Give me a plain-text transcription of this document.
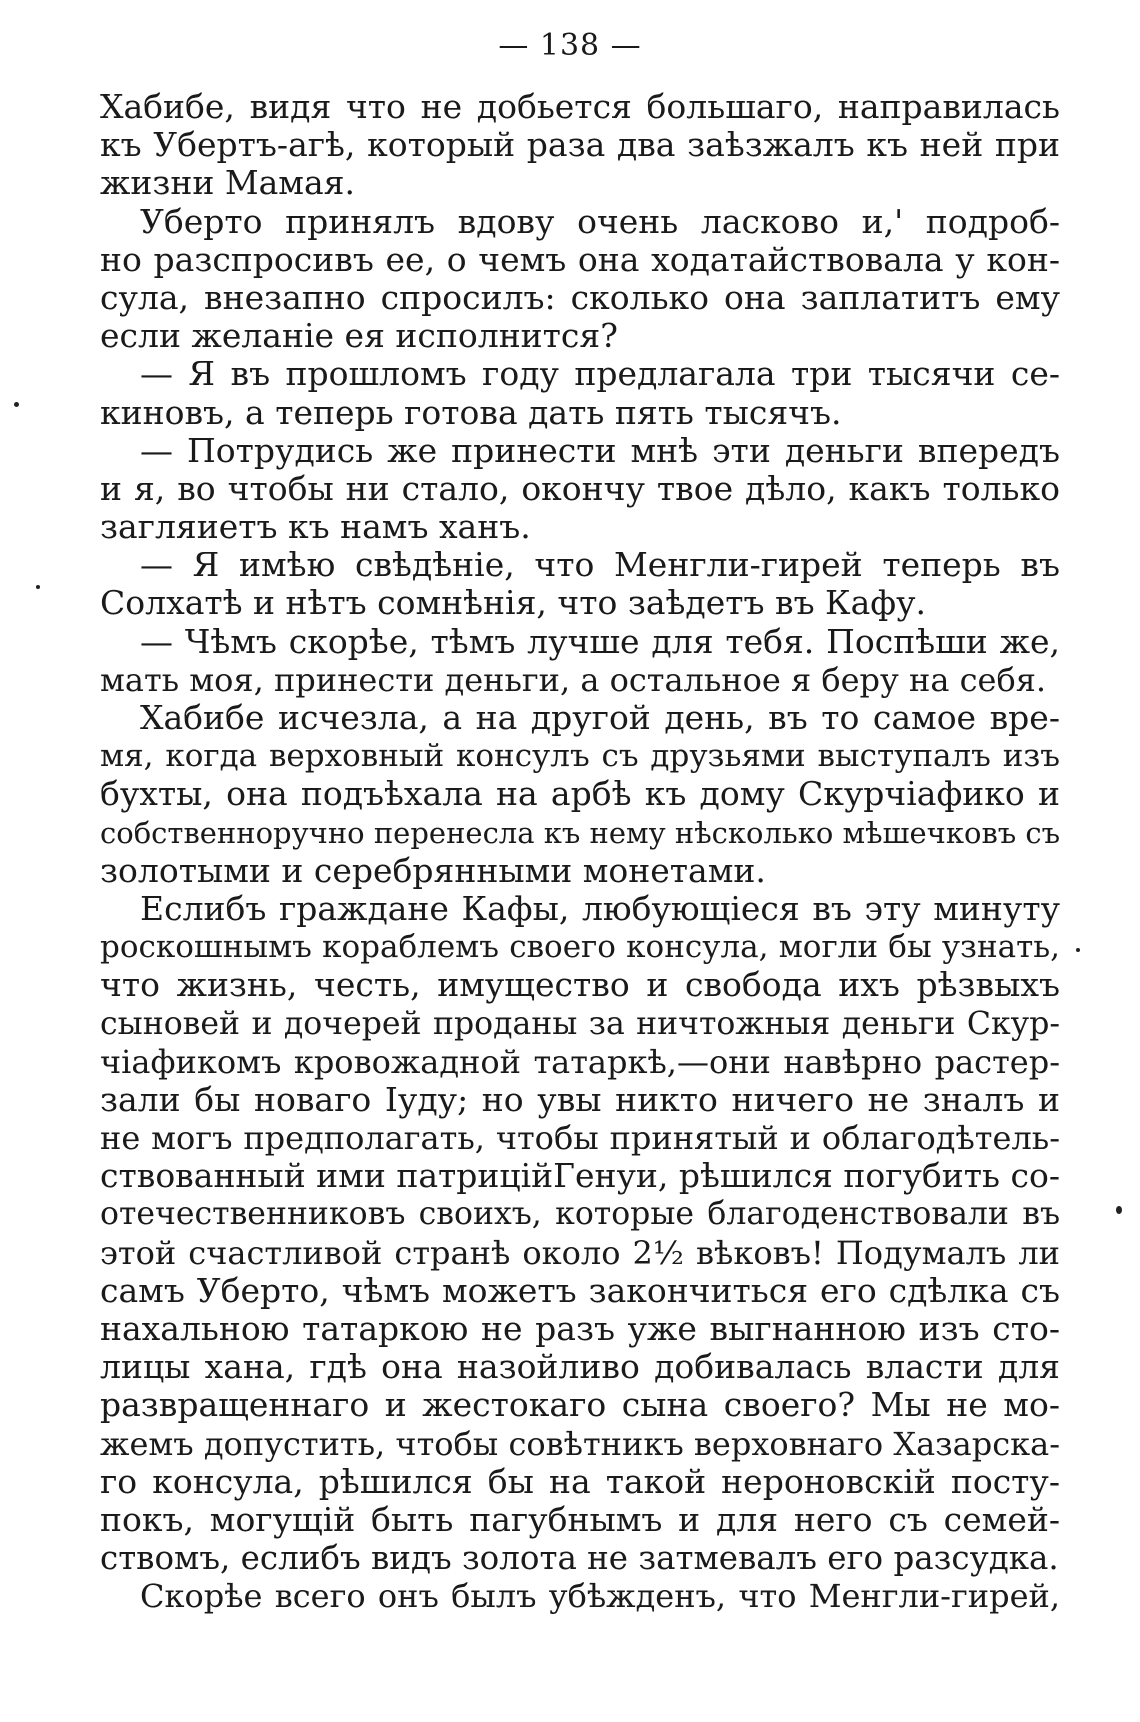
— 138 —
Хабибе, видя что не добьется большаго, направилась
къ Убертъ-агѣ, который раза два заѣзжалъ къ ней при
жизни Мамая.
Уберто принялъ вдову очень ласково и,' подроб-
но разспросивъ ее, о чемъ она ходатайствовала у кон-
сула, внезапно спросилъ: сколько она заплатитъ ему
если желаніе ея исполнится?
— Я въ прошломъ году предлагала три тысячи се-
киновъ, а теперь готова дать пять тысячъ.
— Потрудись же принести мнѣ эти деньги впередъ
и я, во чтобы ни стало, окончу твое дѣло, какъ только
загляиетъ къ намъ ханъ.
— Я имѣю свѣдѣніе, что Менгли-гирей теперь въ
Солхатѣ и нѣтъ сомнѣнія, что заѣдетъ въ Кафу.
— Чѣмъ скорѣе, тѣмъ лучше для тебя. Поспѣши же,
мать моя, принести деньги, а остальное я беру на себя.
Хабибе исчезла, а на другой день, въ то самое вре-
мя, когда верховный консулъ съ друзьями выступалъ изъ
бухты, она подъѣхала на арбѣ къ дому Скурчіафико и
собственноручно перенесла къ нему нѣсколько мѣшечковъ съ
золотыми и серебрянными монетами.
Еслибъ граждане Кафы, любующіеся въ эту минуту
роскошнымъ кораблемъ своего консула, могли бы узнать,
что жизнь, честь, имущество и свобода ихъ рѣзвыхъ
сыновей и дочерей проданы за ничтожныя деньги Скур-
чіафикомъ кровожадной татаркѣ,—они навѣрно растер-
зали бы новаго Іуду; но увы никто ничего не зналъ и
не могъ предполагать, чтобы принятый и облагодѣтель-
ствованный ими патриційГенуи, рѣшился погубить со-
отечественниковъ своихъ, которые благоденствовали въ
этой счастливой странѣ около 2½ вѣковъ! Подумалъ ли
самъ Уберто, чѣмъ можетъ закончиться его сдѣлка съ
нахальною татаркою не разъ уже выгнанною изъ сто-
лицы хана, гдѣ она назойливо добивалась власти для
развращеннаго и жестокаго сына своего? Мы не мо-
жемъ допустить, чтобы совѣтникъ верховнаго Хазарска-
го консула, рѣшился бы на такой нероновскій посту-
покъ, могущій быть пагубнымъ и для него съ семей-
ствомъ, еслибъ видъ золота не затмевалъ его разсудка.
Скорѣе всего онъ былъ убѣжденъ, что Менгли-гирей,
